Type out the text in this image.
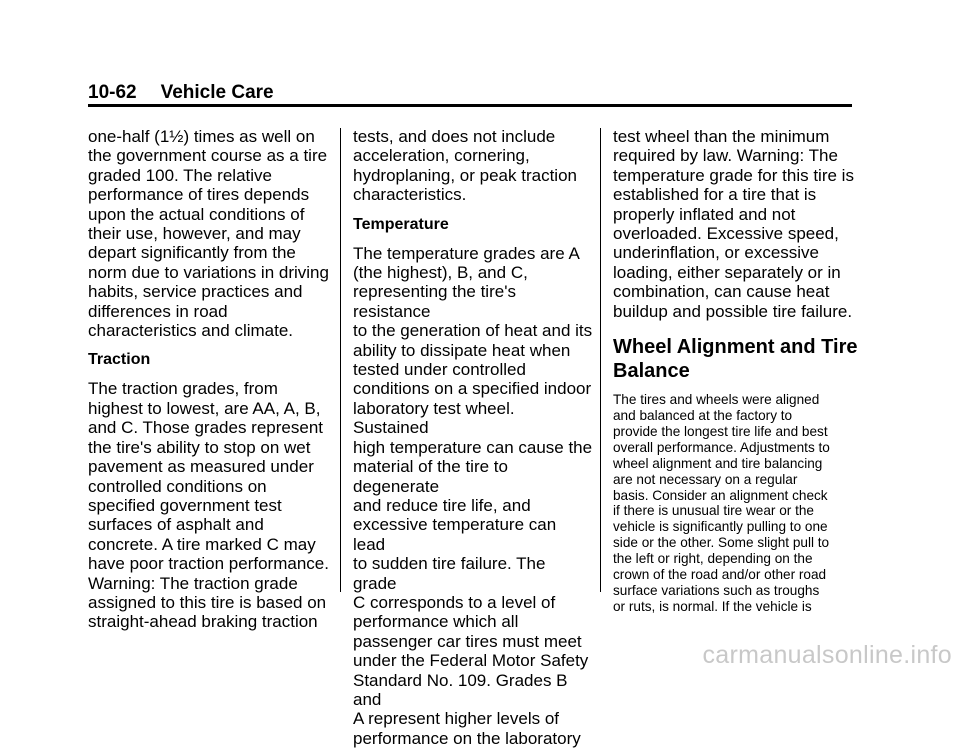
10-62 Vehicle Care

one-half (1½) times as well on
the government course as a tire
graded 100. The relative
performance of tires depends
upon the actual conditions of
their use, however, and may
depart significantly from the
norm due to variations in driving
habits, service practices and
differences in road
characteristics and climate.

Traction

The traction grades, from
highest to lowest, are AA, A, B,
and C. Those grades represent
the tire's ability to stop on wet
pavement as measured under
controlled conditions on
specified government test
surfaces of asphalt and
concrete. A tire marked C may
have poor traction performance.
Warning: The traction grade
assigned to this tire is based on
straight-ahead braking traction

tests, and does not include
acceleration, cornering,
hydroplaning, or peak traction
characteristics.

Temperature

The temperature grades are A
(the highest), B, and C,
representing the tire's resistance
to the generation of heat and its
ability to dissipate heat when
tested under controlled
conditions on a specified indoor
laboratory test wheel. Sustained
high temperature can cause the
material of the tire to degenerate
and reduce tire life, and
excessive temperature can lead
to sudden tire failure. The grade
C corresponds to a level of
performance which all
passenger car tires must meet
under the Federal Motor Safety
Standard No. 109. Grades B and
A represent higher levels of
performance on the laboratory

test wheel than the minimum
required by law. Warning: The
temperature grade for this tire is
established for a tire that is
properly inflated and not
overloaded. Excessive speed,
underinflation, or excessive
loading, either separately or in
combination, can cause heat
buildup and possible tire failure.

Wheel Alignment and Tire
Balance

The tires and wheels were aligned
and balanced at the factory to
provide the longest tire life and best
overall performance. Adjustments to
wheel alignment and tire balancing
are not necessary on a regular
basis. Consider an alignment check
if there is unusual tire wear or the
vehicle is significantly pulling to one
side or the other. Some slight pull to
the left or right, depending on the
crown of the road and/or other road
surface variations such as troughs
or ruts, is normal. If the vehicle is

carmanualsonline.info
